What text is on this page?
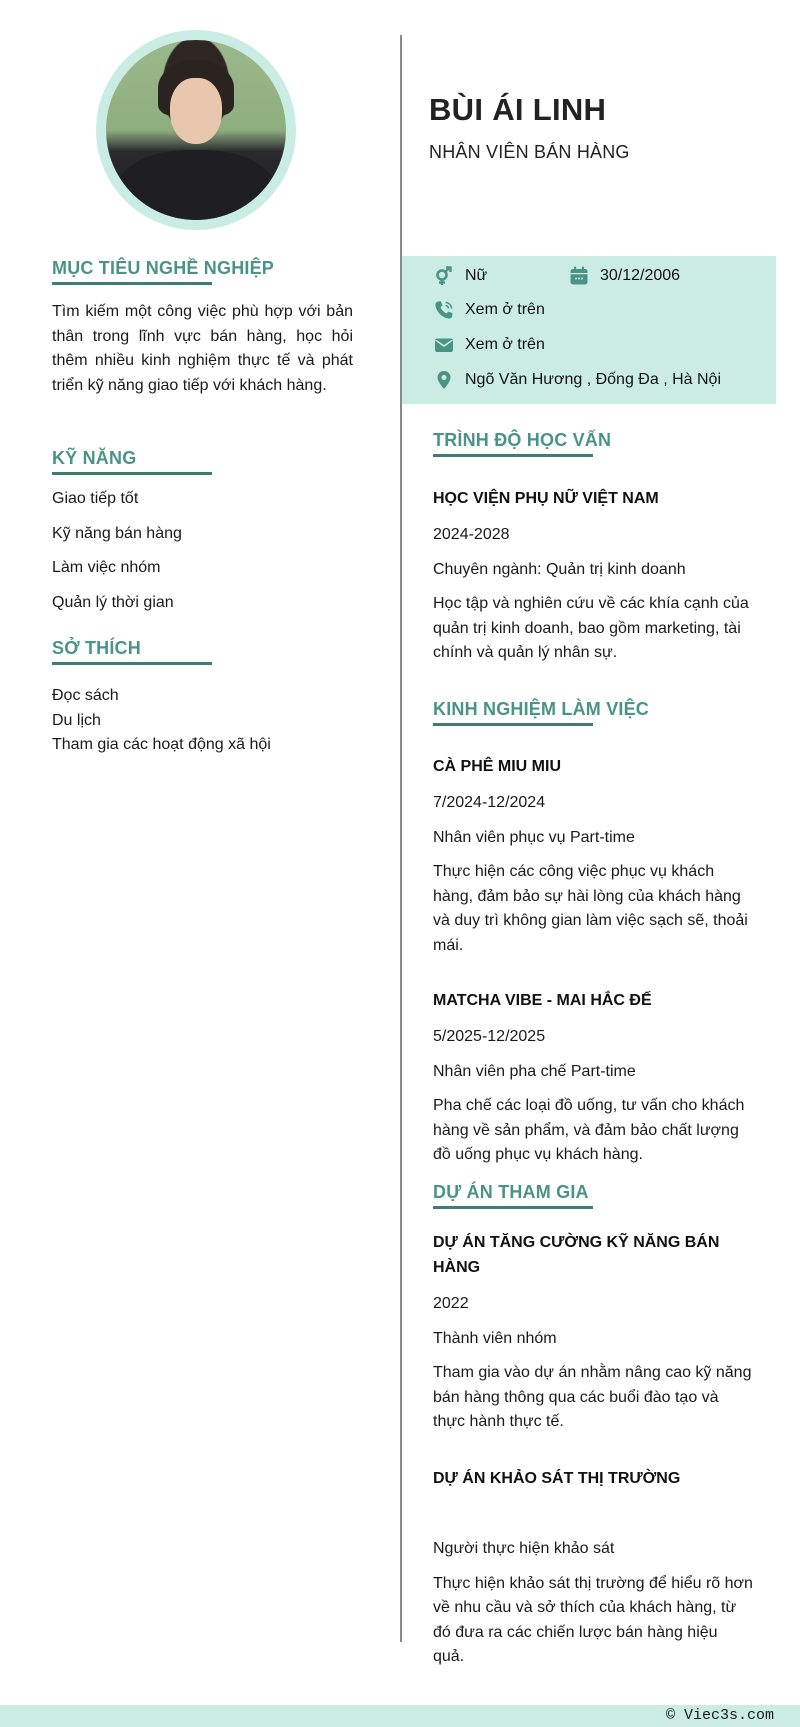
MỤC TIÊU NGHỀ NGHIỆP

Tìm kiếm một công việc phù hợp với bản thân trong lĩnh vực bán hàng, học hỏi thêm nhiều kinh nghiệm thực tế và phát triển kỹ năng giao tiếp với khách hàng.

KỸ NĂNG
Giao tiếp tốt
Kỹ năng bán hàng
Làm việc nhóm
Quản lý thời gian
SỞ THÍCH
Đọc sách
Du lịch
Tham gia các hoạt động xã hội
BÙI ÁI LINH
NHÂN VIÊN BÁN HÀNG
Nữ	30/12/2006
Xem ở trên
Xem ở trên
Ngõ Văn Hương , Đống Đa , Hà Nội
TRÌNH ĐỘ HỌC VẤN
HỌC VIỆN PHỤ NỮ VIỆT NAM
2024-2028
Chuyên ngành: Quản trị kinh doanh
Học tập và nghiên cứu về các khía cạnh của quản trị kinh doanh, bao gồm marketing, tài chính và quản lý nhân sự.
KINH NGHIỆM LÀM VIỆC
CÀ PHÊ MIU MIU
7/2024-12/2024
Nhân viên phục vụ Part-time
Thực hiện các công việc phục vụ khách hàng, đảm bảo sự hài lòng của khách hàng và duy trì không gian làm việc sạch sẽ, thoải mái.
MATCHA VIBE - MAI HẮC ĐẾ
5/2025-12/2025
Nhân viên pha chế Part-time
Pha chế các loại đồ uống, tư vấn cho khách hàng về sản phẩm, và đảm bảo chất lượng đồ uống phục vụ khách hàng.
DỰ ÁN THAM GIA
DỰ ÁN TĂNG CƯỜNG KỸ NĂNG BÁN HÀNG
2022
Thành viên nhóm
Tham gia vào dự án nhằm nâng cao kỹ năng bán hàng thông qua các buổi đào tạo và thực hành thực tế.
DỰ ÁN KHẢO SÁT THỊ TRƯỜNG
Người thực hiện khảo sát
Thực hiện khảo sát thị trường để hiểu rõ hơn về nhu cầu và sở thích của khách hàng, từ đó đưa ra các chiến lược bán hàng hiệu quả.
© Viec3s.com
